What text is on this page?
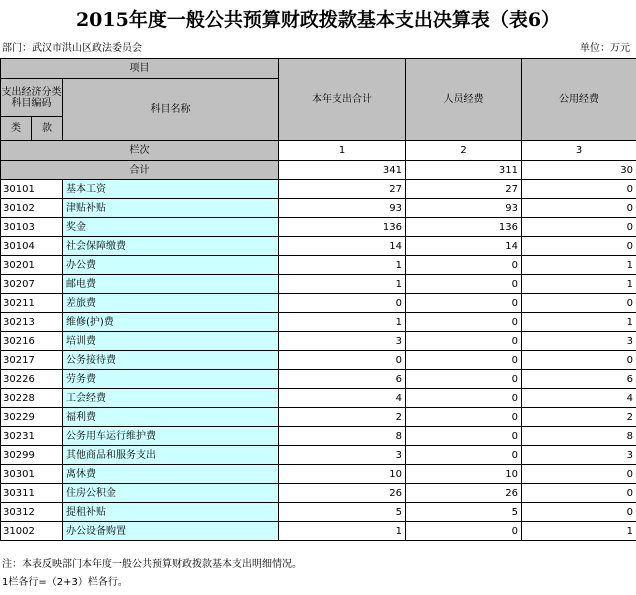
2015年度一般公共预算财政拨款基本支出决算表（表6）
部门：武汉市洪山区政法委员会	单位：万元
项目			本年支出合计	人员经费	公用经费
支出经济分类科目编码		科目名称			
类	款				
栏次			1	2	3
合计			341	311	30
30101		基本工资	27	27	0
30102		津贴补贴	93	93	0
30103		奖金	136	136	0
30104		社会保障缴费	14	14	0
30201		办公费	1	0	1
30207		邮电费	1	0	1
30211		差旅费	0	0	0
30213		维修(护)费	1	0	1
30216		培训费	3	0	3
30217		公务接待费	0	0	0
30226		劳务费	6	0	6
30228		工会经费	4	0	4
30229		福利费	2	0	2
30231		公务用车运行维护费	8	0	8
30299		其他商品和服务支出	3	0	3
30301		离休费	10	10	0
30311		住房公积金	26	26	0
30312		提租补贴	5	5	0
31002		办公设备购置	1	0	1
注：本表反映部门本年度一般公共预算财政拨款基本支出明细情况。
1栏各行=（2+3）栏各行。
